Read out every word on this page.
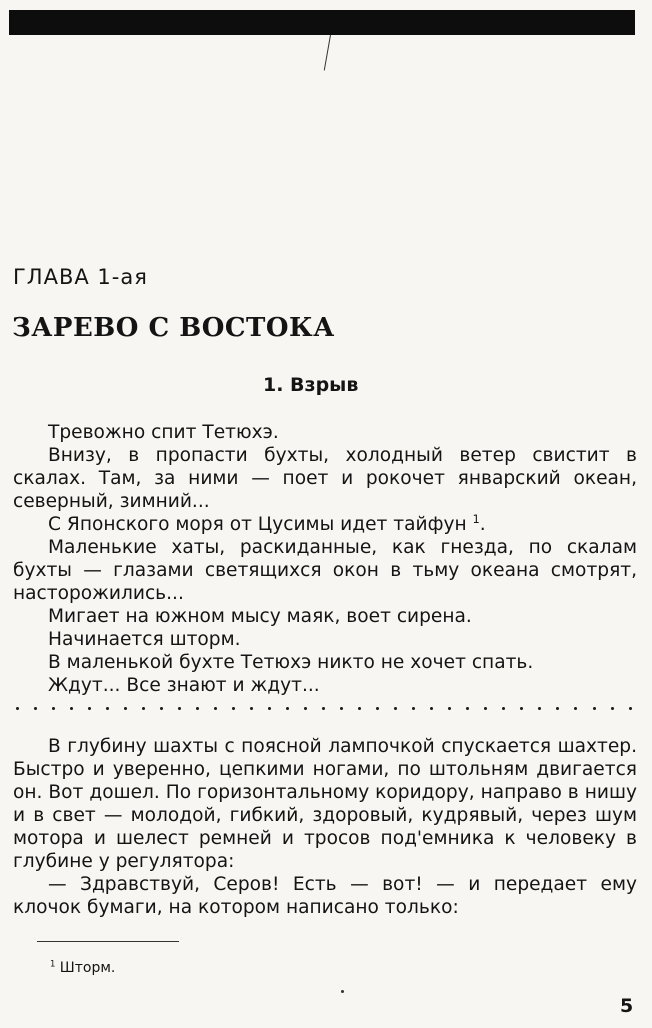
ГЛАВА 1-ая
ЗАРЕВО С ВОСТОКА
1. Взрыв

Тревожно спит Тетюхэ.

Внизу, в пропасти бухты, холодный ветер свистит в скалах. Там, за ними — поет и рокочет январский океан, северный, зимний...

С Японского моря от Цусимы идет тайфун $^1$.

Маленькие хаты, раскиданные, как гнезда, по скалам бухты — глазами светящихся окон в тьму океана смотрят, насторожились...

Мигает на южном мысу маяк, воет сирена.

Начинается шторм.

В маленькой бухте Тетюхэ никто не хочет спать.

Ждут... Все знают и ждут...

В глубину шахты с поясной лампочкой спускается шахтер. Быстро и уверенно, цепкими ногами, по штольням двигается он. Вот дошел. По горизонтальному коридору, направо в нишу и в свет — молодой, гибкий, здоровый, кудрявый, через шум мотора и шелест ремней и тросов под'емника к человеку в глубине у регулятора:

— Здравствуй, Серов! Есть — вот! — и передает ему клочок бумаги, на котором написано только:

$^1$ Шторм.
5
